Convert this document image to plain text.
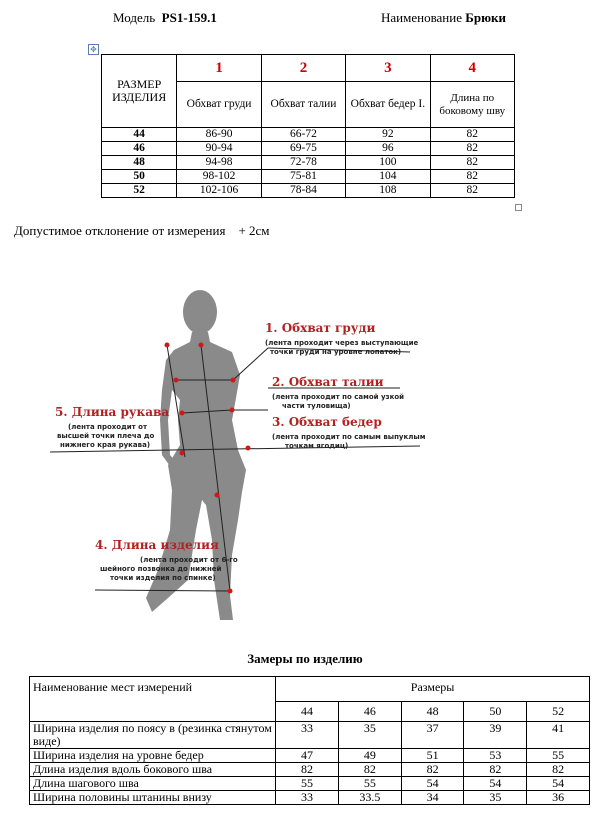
Модель PS1-159.1	Наименование Брюки
✥
РАЗМЕР ИЗДЕЛИЯ	1	2	3	4
	Обхват груди	Обхват талии	Обхват бедер I.	Длина по боковому шву
44	86-90	66-72	92	82
46	90-94	69-75	96	82
48	94-98	72-78	100	82
50	98-102	75-81	104	82
52	102-106	78-84	108	82
Допустимое отклонение от измерения + 2см
1. Обхват груди
(лента проходит через выступающие
точки груди на уровне лопаток)
2. Обхват талии
(лента проходит по самой узкой
части туловища)
3. Обхват бедер
(лента проходит по самым выпуклым
точкам ягодиц)
5. Длина рукава
(лента проходит от
высшей точки плеча до
нижнего края рукава)
4. Длина изделия
(лента проходит от 6-го
шейного позвонка до нижней
точки изделия по спинке)
Замеры по изделию
Наименование мест измерений	Размеры				
	44	46	48	50	52
Ширина изделия по поясу в (резинка стянутом виде)	33	35	37	39	41
Ширина изделия на уровне бедер	47	49	51	53	55
Длина изделия вдоль бокового шва	82	82	82	82	82
Длина шагового шва	55	55	54	54	54
Ширина половины штанины внизу	33	33.5	34	35	36
